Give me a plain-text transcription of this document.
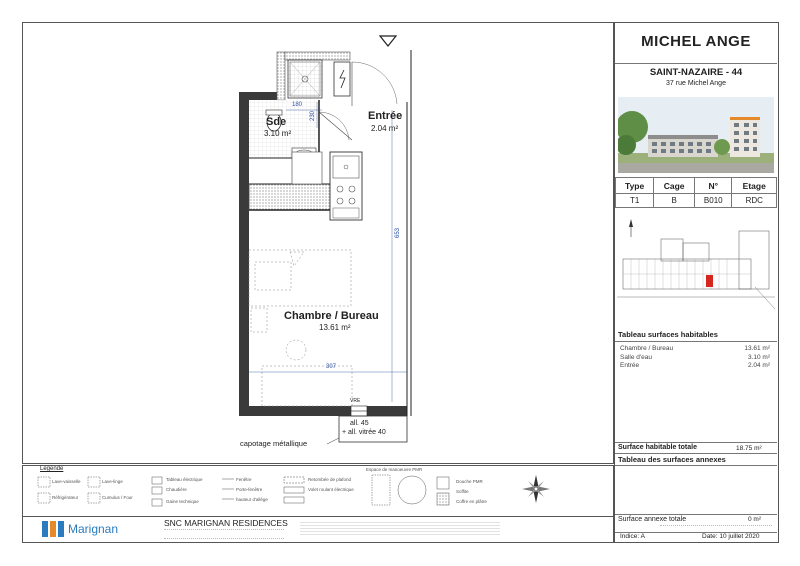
Sde
3.10 m²
Entrée
2.04 m²
Chambre / Bureau
13.61 m²
180
230
653
307
VRE
all. 45
+ all. vitrée 40
capotage métallique
MICHEL ANGE
SAINT-NAZAIRE - 44
37 rue Michel Ange
Type	Cage	N°	Etage
T1	B	B010	RDC
Tableau surfaces habitables
Chambre / Bureau	13.61 m²
Salle d'eau	3.10 m²
Entrée	2.04 m²
Surface habitable totale	18.75 m²
Tableau des surfaces annexes
Surface annexe totale	0 m²
Indice: A	Date: 10 juillet 2020
Legende
Lave-vaisselle	Lave-linge
Réfrigérateur	Cumulus / Four
Tableau électrique
Chaudière
Gaine technique
Fenêtre
Porte-fenêtre
hauteur d'allège
Retombée de plafond
Volet roulant électrique
Espace de manoeuvre PMR
Douche PMR
Soffite
Coffre en plâtre
Marignan	SNC MARIGNAN RESIDENCES
